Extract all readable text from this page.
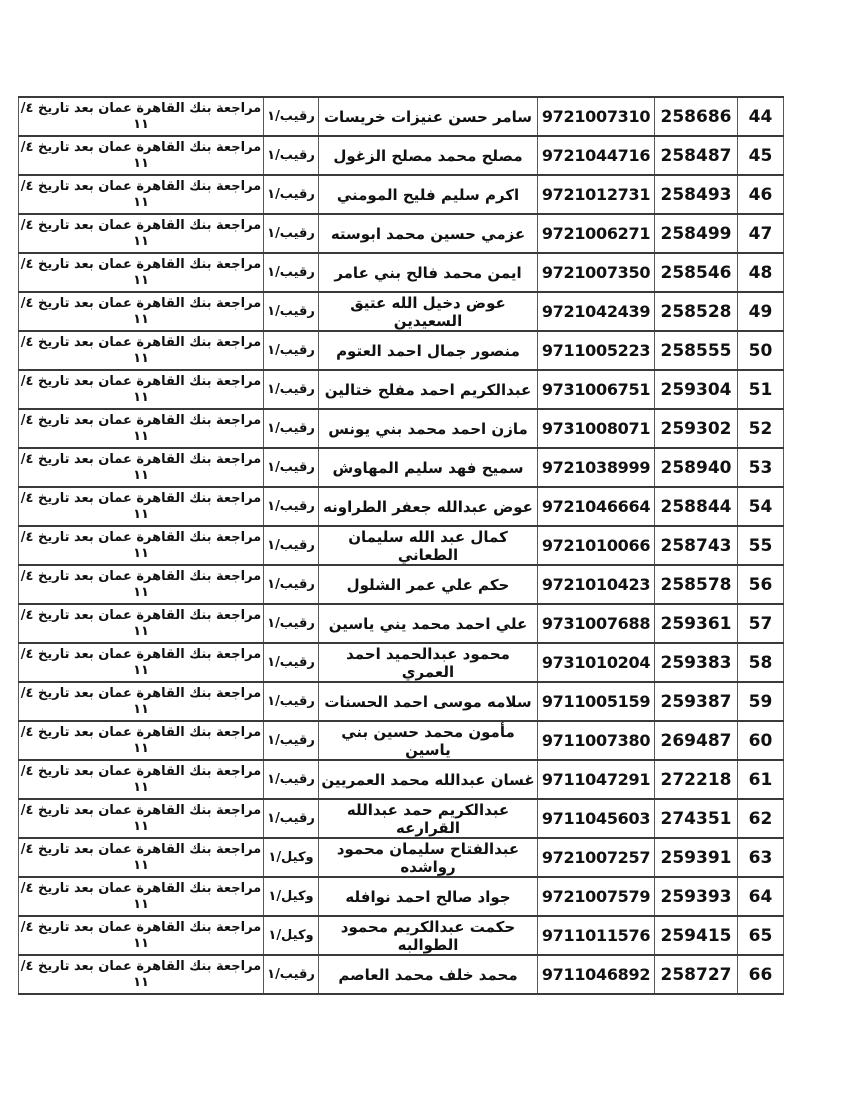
44	258686	9721007310	سامر حسن عنيزات خريسات	رقيب/١	مراجعة بنك القاهرة عمان بعد تاريخ ٤/
١١

45	258487	9721044716	مصلح محمد مصلح الزغول	رقيب/١	مراجعة بنك القاهرة عمان بعد تاريخ ٤/
١١

46	258493	9721012731	اكرم سليم فليح المومني	رقيب/١	مراجعة بنك القاهرة عمان بعد تاريخ ٤/
١١

47	258499	9721006271	عزمي حسين محمد ابوسته	رقيب/١	مراجعة بنك القاهرة عمان بعد تاريخ ٤/
١١

48	258546	9721007350	ايمن محمد فالح بني عامر	رقيب/١	مراجعة بنك القاهرة عمان بعد تاريخ ٤/
١١

49	258528	9721042439	عوض دخيل الله عتيق السعيدين	رقيب/١	مراجعة بنك القاهرة عمان بعد تاريخ ٤/
١١

50	258555	9711005223	منصور جمال احمد العتوم	رقيب/١	مراجعة بنك القاهرة عمان بعد تاريخ ٤/
١١

51	259304	9731006751	عبدالكريم احمد مفلح ختالين	رقيب/١	مراجعة بنك القاهرة عمان بعد تاريخ ٤/
١١

52	259302	9731008071	مازن احمد محمد بني يونس	رقيب/١	مراجعة بنك القاهرة عمان بعد تاريخ ٤/
١١

53	258940	9721038999	سميح فهد سليم المهاوش	رقيب/١	مراجعة بنك القاهرة عمان بعد تاريخ ٤/
١١

54	258844	9721046664	عوض عبدالله جعفر الطراونه	رقيب/١	مراجعة بنك القاهرة عمان بعد تاريخ ٤/
١١

55	258743	9721010066	كمال عبد الله سليمان الطعاني	رقيب/١	مراجعة بنك القاهرة عمان بعد تاريخ ٤/
١١

56	258578	9721010423	حكم علي عمر الشلول	رقيب/١	مراجعة بنك القاهرة عمان بعد تاريخ ٤/
١١

57	259361	9731007688	علي احمد محمد يني ياسين	رقيب/١	مراجعة بنك القاهرة عمان بعد تاريخ ٤/
١١

58	259383	9731010204	محمود عبدالحميد احمد العمري	رقيب/١	مراجعة بنك القاهرة عمان بعد تاريخ ٤/
١١

59	259387	9711005159	سلامه موسى احمد الحسنات	رقيب/١	مراجعة بنك القاهرة عمان بعد تاريخ ٤/
١١

60	269487	9711007380	مأمون محمد حسين بني ياسين	رقيب/١	مراجعة بنك القاهرة عمان بعد تاريخ ٤/
١١

61	272218	9711047291	غسان عبدالله محمد العمريين	رقيب/١	مراجعة بنك القاهرة عمان بعد تاريخ ٤/
١١

62	274351	9711045603	عبدالكريم حمد عبدالله القرارعه	رقيب/١	مراجعة بنك القاهرة عمان بعد تاريخ ٤/
١١

63	259391	9721007257	عبدالفتاح سليمان محمود رواشده	وكيل/١	مراجعة بنك القاهرة عمان بعد تاريخ ٤/
١١

64	259393	9721007579	جواد صالح احمد نوافله	وكيل/١	مراجعة بنك القاهرة عمان بعد تاريخ ٤/
١١

65	259415	9711011576	حكمت عبدالكريم محمود الطوالبه	وكيل/١	مراجعة بنك القاهرة عمان بعد تاريخ ٤/
١١

66	258727	9711046892	محمد خلف محمد العاصم	رقيب/١	مراجعة بنك القاهرة عمان بعد تاريخ ٤/
١١
